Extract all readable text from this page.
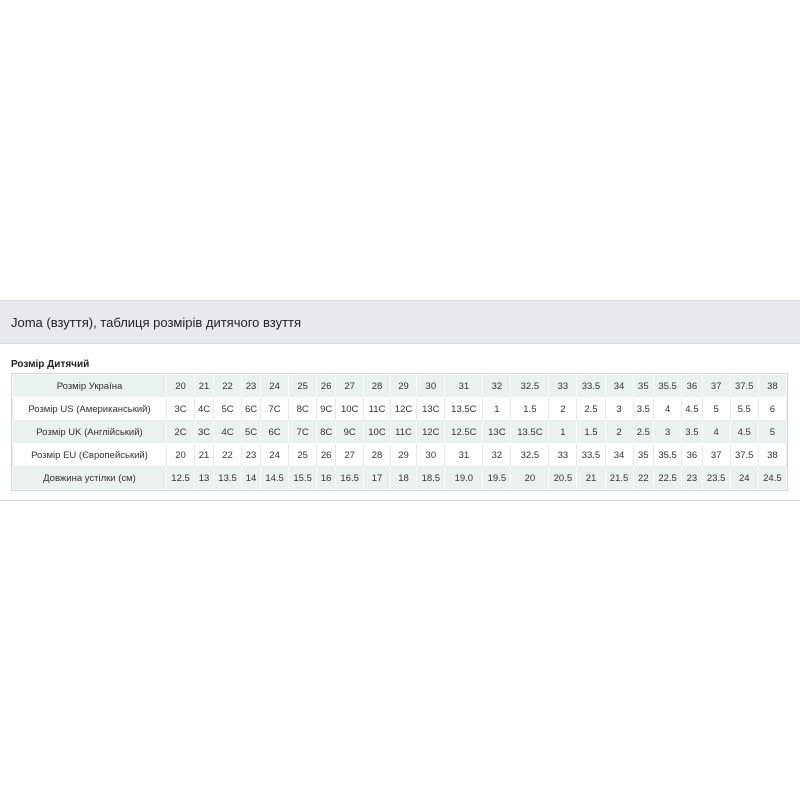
Joma (взуття), таблиця розмірів дитячого взуття
Розмір Дитячий
Розмір Україна	20	21	22	23	24	25	26	27	28	29	30	31	32	32.5	33	33.5	34	35	35.5	36	37	37.5	38
Розмір US (Американський)	3C	4C	5C	6C	7C	8C	9C	10C	11C	12C	13C	13.5C	1	1.5	2	2.5	3	3.5	4	4.5	5	5.5	6
Розмір UK (Англійський)	2C	3C	4C	5C	6C	7C	8C	9C	10C	11C	12C	12.5C	13C	13.5C	1	1.5	2	2.5	3	3.5	4	4.5	5
Розмір EU (Європейський)	20	21	22	23	24	25	26	27	28	29	30	31	32	32.5	33	33.5	34	35	35.5	36	37	37.5	38
Довжина устілки (см)	12.5	13	13.5	14	14.5	15.5	16	16.5	17	18	18.5	19.0	19.5	20	20.5	21	21.5	22	22.5	23	23.5	24	24.5
